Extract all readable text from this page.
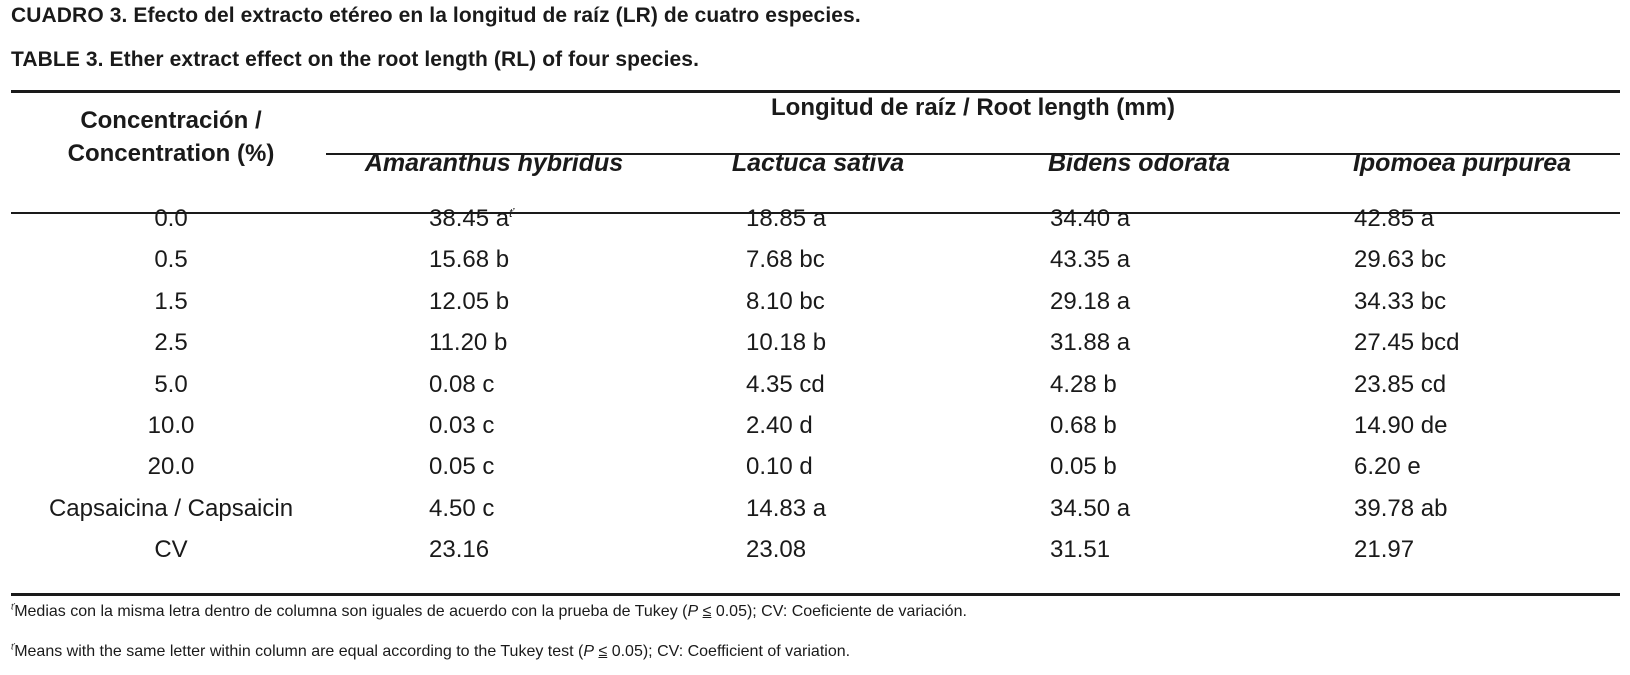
CUADRO 3. Efecto del extracto etéreo en la longitud de raíz (LR) de cuatro especies.
TABLE 3. Ether extract effect on the root length (RL) of four species.
Concentración / Concentration (%)
Longitud de raíz / Root length (mm)
Amaranthus hybridus	Lactuca sativa	Bidens odorata	Ipomoea purpurea
0.0	38.45 $a^ť$	18.85 a	34.40 a	42.85 a
0.5	15.68 b	7.68 bc	43.35 a	29.63 bc
1.5	12.05 b	8.10 bc	29.18 a	34.33 bc
2.5	11.20 b	10.18 b	31.88 a	27.45 bcd
5.0	0.08 c	4.35 cd	4.28 b	23.85 cd
10.0	0.03 c	2.40 d	0.68 b	14.90 de
20.0	0.05 c	0.10 d	0.05 b	6.20 e
Capsaicina / Capsaicin	4.50 c	14.83 a	34.50 a	39.78 ab
CV	23.16	23.08	31.51	21.97
$^ť$Medias con la misma letra dentro de columna son iguales de acuerdo con la prueba de Tukey (P ≤ 0.05); CV: Coeficiente de variación.
$^ť$Means with the same letter within column are equal according to the Tukey test (P ≤ 0.05); CV: Coefficient of variation.
